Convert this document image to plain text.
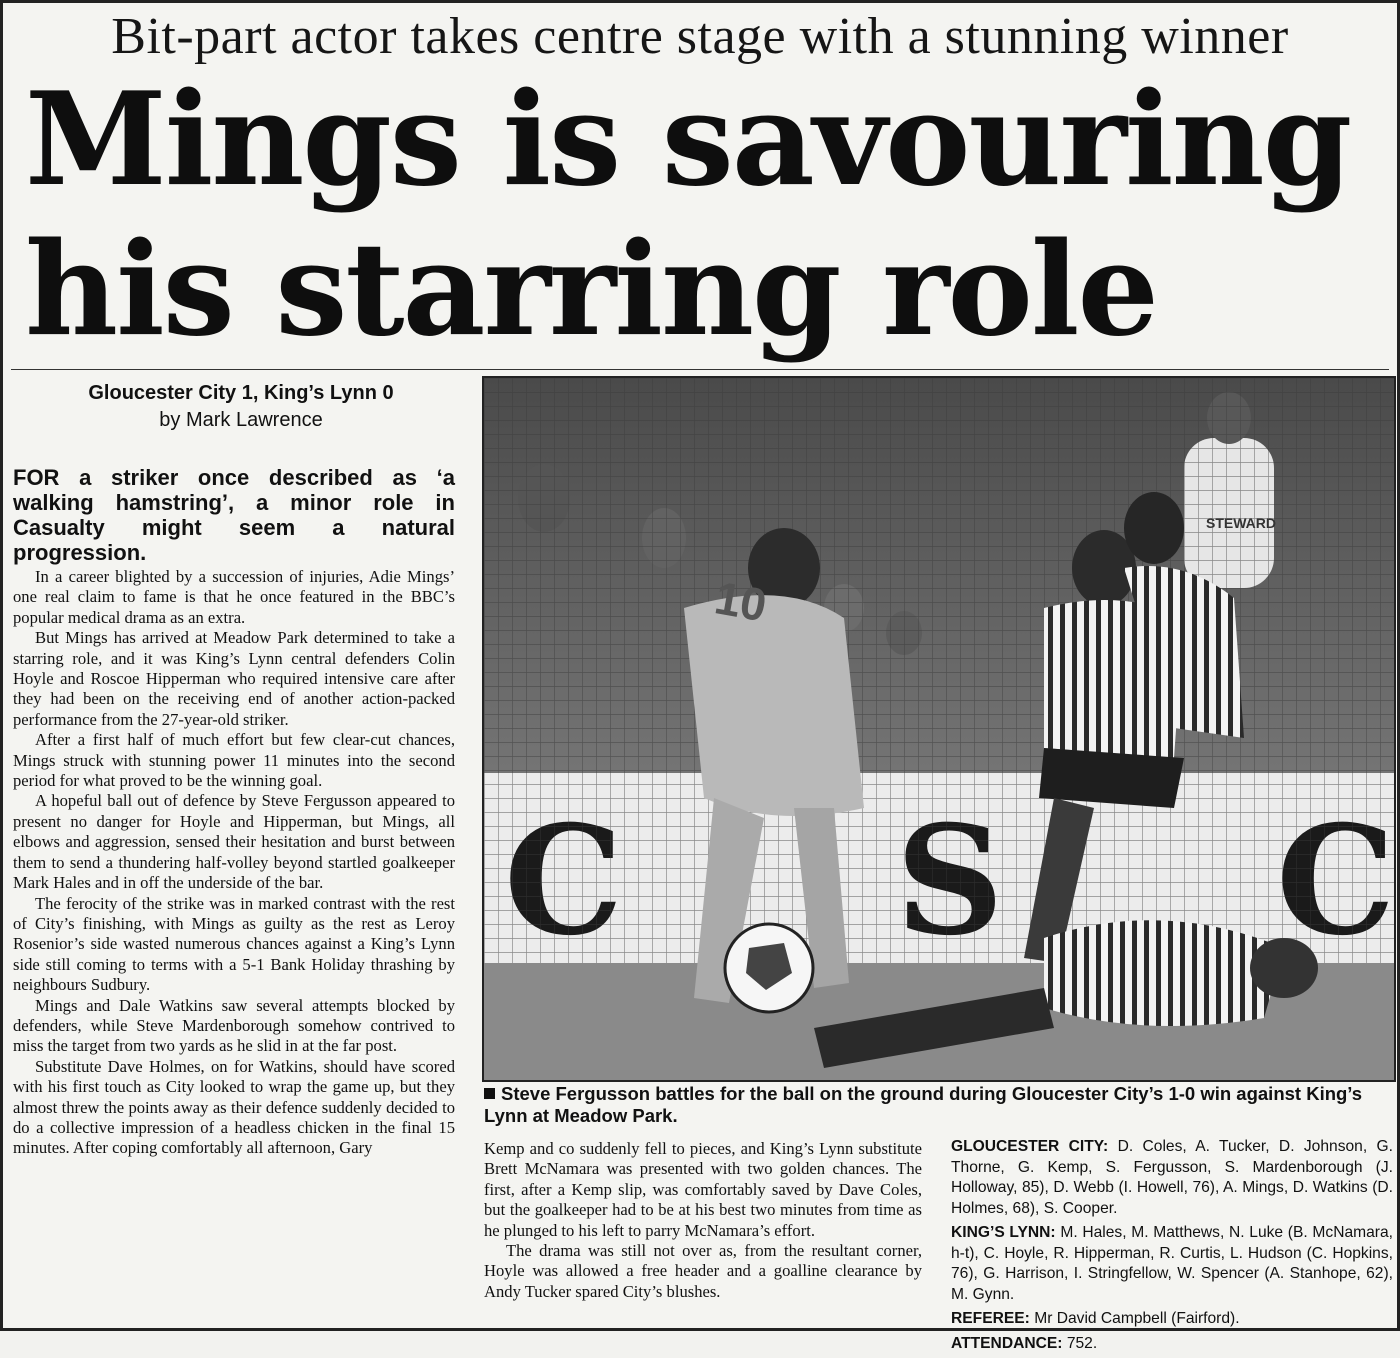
Bit-part actor takes centre stage with a stunning winner
Mings is savouring
his starring role
Gloucester City 1, King’s Lynn 0
by Mark Lawrence
FOR a striker once described as ‘a walking hamstring’, a minor role in Casualty might seem a natural progression.

In a career blighted by a succession of injuries, Adie Mings’ one real claim to fame is that he once featured in the BBC’s popular medical drama as an extra.

But Mings has arrived at Meadow Park determined to take a starring role, and it was King’s Lynn central defenders Colin Hoyle and Roscoe Hipperman who required intensive care after they had been on the receiving end of another action-packed performance from the 27-year-old striker.

After a first half of much effort but few clear-cut chances, Mings struck with stunning power 11 minutes into the second period for what proved to be the winning goal.

A hopeful ball out of defence by Steve Fergusson appeared to present no danger for Hoyle and Hipperman, but Mings, all elbows and aggression, sensed their hesitation and burst between them to send a thundering half-volley beyond startled goalkeeper Mark Hales and in off the underside of the bar.

The ferocity of the strike was in marked contrast with the rest of City’s finishing, with Mings as guilty as the rest as Leroy Rosenior’s side wasted numerous chances against a King’s Lynn side still coming to terms with a 5-1 Bank Holiday thrashing by neighbours Sudbury.

Mings and Dale Watkins saw several attempts blocked by defenders, while Steve Mardenborough somehow contrived to miss the target from two yards as he slid in at the far post.

Substitute Dave Holmes, on for Watkins, should have scored with his first touch as City looked to wrap the game up, but they almost threw the points away as their defence suddenly decided to do a collective impression of a headless chicken in the final 15 minutes. After coping comfortably all afternoon, Gary

10
Steve Fergusson battles for the ball on the ground during Gloucester City’s 1-0 win against King’s Lynn at Meadow Park.

Kemp and co suddenly fell to pieces, and King’s Lynn substitute Brett McNamara was presented with two golden chances. The first, after a Kemp slip, was comfortably saved by Dave Coles, but the goalkeeper had to be at his best two minutes from time as he plunged to his left to parry McNamara’s effort.

The drama was still not over as, from the resultant corner, Hoyle was allowed a free header and a goalline clearance by Andy Tucker spared City’s blushes.

GLOUCESTER CITY: D. Coles, A. Tucker, D. Johnson, G. Thorne, G. Kemp, S. Fergusson, S. Mardenborough (J. Holloway, 85), D. Webb (I. Howell, 76), A. Mings, D. Watkins (D. Holmes, 68), S. Cooper.

KING’S LYNN: M. Hales, M. Matthews, N. Luke (B. McNamara, h-t), C. Hoyle, R. Hipperman, R. Curtis, L. Hudson (C. Hopkins, 76), G. Harrison, I. Stringfellow, W. Spencer (A. Stanhope, 62), M. Gynn.

REFEREE: Mr David Campbell (Fairford).

ATTENDANCE: 752.
